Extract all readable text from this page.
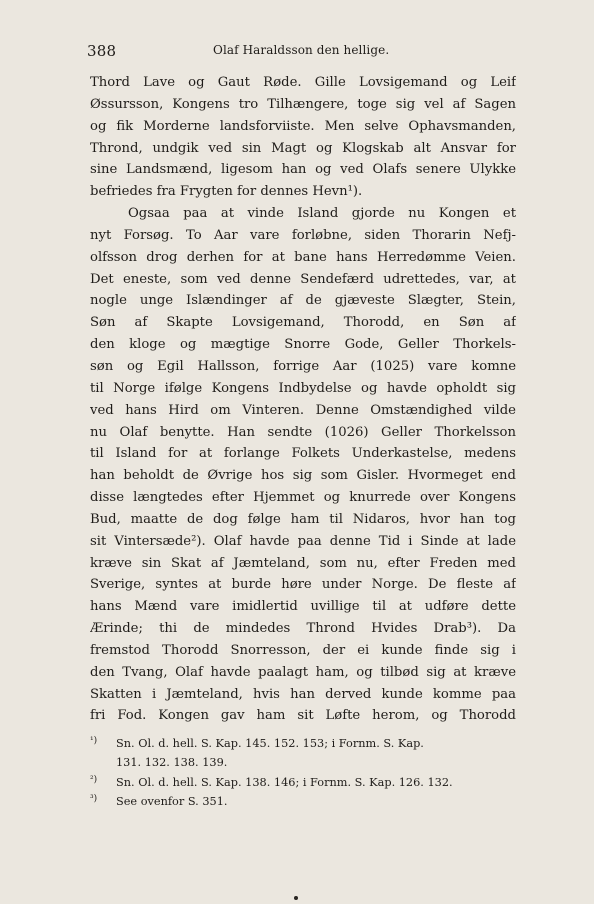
388	Olaf Haraldsson den hellige.
Thord Lave og Gaut Røde. Gille Lovsigemand og Leif
Øssursson, Kongens tro Tilhængere, toge sig vel af Sagen
og fik Morderne landsforviiste. Men selve Ophavsmanden,
Thrond, undgik ved sin Magt og Klogskab alt Ansvar for
sine Landsmænd, ligesom han og ved Olafs senere Ulykke
befriedes fra Frygten for dennes Hevn¹).
Ogsaa paa at vinde Island gjorde nu Kongen et
nyt Forsøg. To Aar vare forløbne, siden Thorarin Nefj-
olfsson drog derhen for at bane hans Herredømme Veien.
Det eneste, som ved denne Sendefærd udrettedes, var, at
nogle unge Islændinger af de gjæveste Slægter, Stein,
Søn af Skapte Lovsigemand, Thorodd, en Søn af
den kloge og mægtige Snorre Gode, Geller Thorkels-
søn og Egil Hallsson, forrige Aar (1025) vare komne
til Norge ifølge Kongens Indbydelse og havde opholdt sig
ved hans Hird om Vinteren. Denne Omstændighed vilde
nu Olaf benytte. Han sendte (1026) Geller Thorkelsson
til Island for at forlange Folkets Underkastelse, medens
han beholdt de Øvrige hos sig som Gisler. Hvormeget end
disse længtedes efter Hjemmet og knurrede over Kongens
Bud, maatte de dog følge ham til Nidaros, hvor han tog
sit Vintersæde²). Olaf havde paa denne Tid i Sinde at lade
kræve sin Skat af Jæmteland, som nu, efter Freden med
Sverige, syntes at burde høre under Norge. De fleste af
hans Mænd vare imidlertid uvillige til at udføre dette
Ærinde; thi de mindedes Thrond Hvides Drab³). Da
fremstod Thorodd Snorresson, der ei kunde finde sig i
den Tvang, Olaf havde paalagt ham, og tilbød sig at kræve
Skatten i Jæmteland, hvis han derved kunde komme paa
fri Fod. Kongen gav ham sit Løfte herom, og Thorodd
¹) Sn. Ol. d. hell. S. Kap. 145. 152. 153; i Fornm. S. Kap.
131. 132. 138. 139.
²) Sn. Ol. d. hell. S. Kap. 138. 146; i Fornm. S. Kap. 126. 132.
³) See ovenfor S. 351.
